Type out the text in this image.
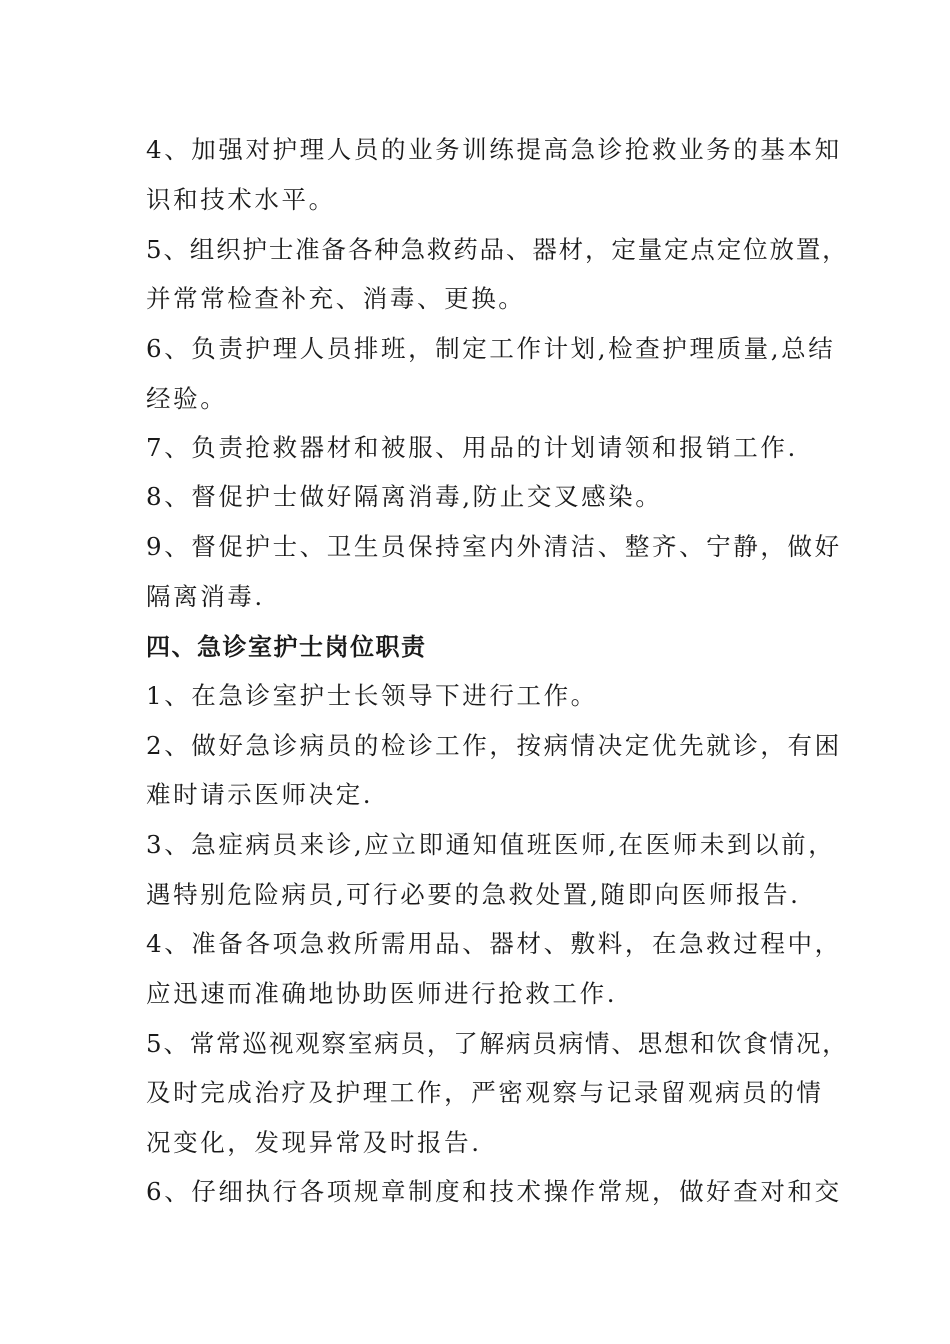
4、加强对护理人员的业务训练提高急诊抢救业务的基本知
识和技术水平。
5、组织护士准备各种急救药品、器材，定量定点定位放置，
并常常检查补充、消毒、更换。
6、负责护理人员排班，制定工作计划,检查护理质量,总结
经验。
7、负责抢救器材和被服、用品的计划请领和报销工作.
8、督促护士做好隔离消毒,防止交叉感染。
9、督促护士、卫生员保持室内外清洁、整齐、宁静，做好
隔离消毒.
四、急诊室护士岗位职责
1、在急诊室护士长领导下进行工作。
2、做好急诊病员的检诊工作，按病情决定优先就诊，有困
难时请示医师决定.
3、急症病员来诊,应立即通知值班医师,在医师未到以前，
遇特别危险病员,可行必要的急救处置,随即向医师报告.
4、准备各项急救所需用品、器材、敷料，在急救过程中，
应迅速而准确地协助医师进行抢救工作.
5、常常巡视观察室病员，了解病员病情、思想和饮食情况，
及时完成治疗及护理工作，严密观察与记录留观病员的情
况变化，发现异常及时报告.
6、仔细执行各项规章制度和技术操作常规，做好查对和交
